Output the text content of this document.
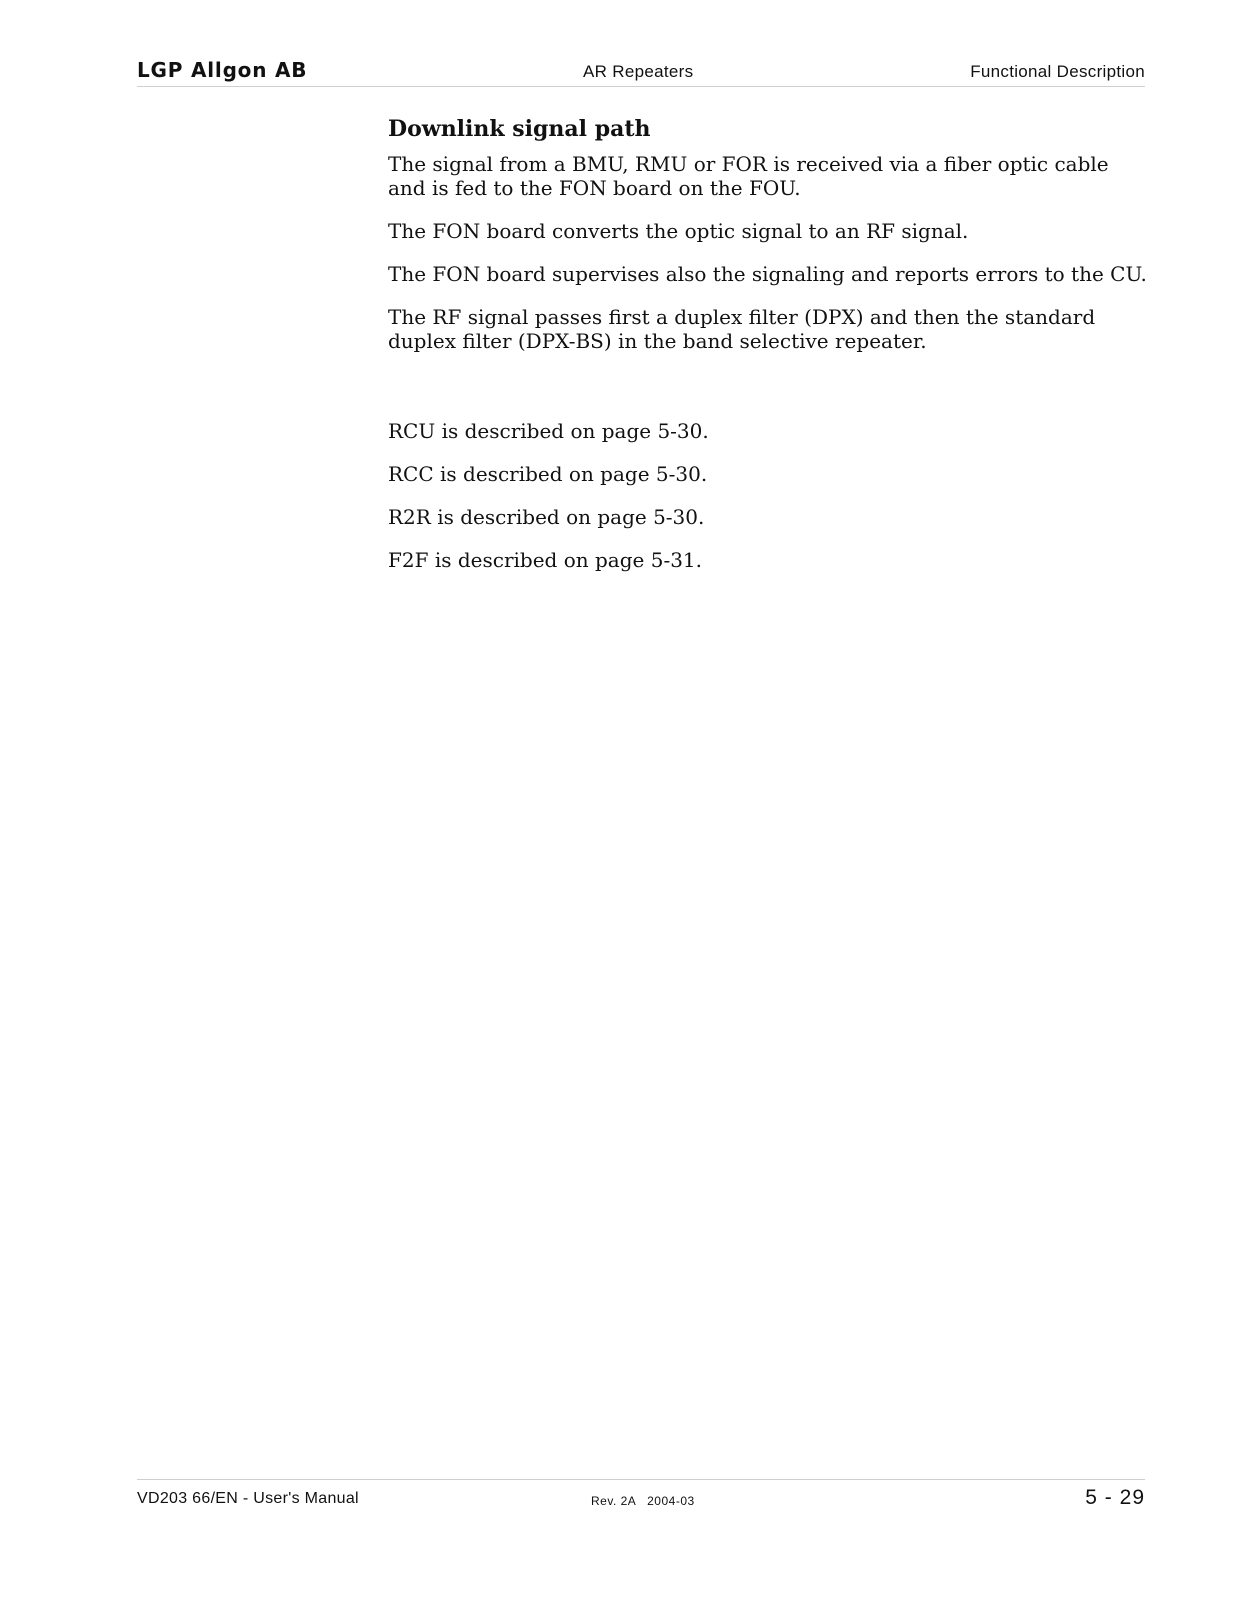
LGP Allgon AB	AR Repeaters	Functional Description
Downlink signal path

The signal from a BMU, RMU or FOR is received via a fiber optic cable and is fed to the FON board on the FOU.

The FON board converts the optic signal to an RF signal.

The FON board supervises also the signaling and reports errors to the CU.

The RF signal passes first a duplex filter (DPX) and then the standard duplex filter (DPX-BS) in the band selective repeater.

RCU is described on page 5-30.

RCC is described on page 5-30.

R2R is described on page 5-30.

F2F is described on page 5-31.

VD203 66/EN - User's Manual	Rev. 2A   2004-03	5 - 29
